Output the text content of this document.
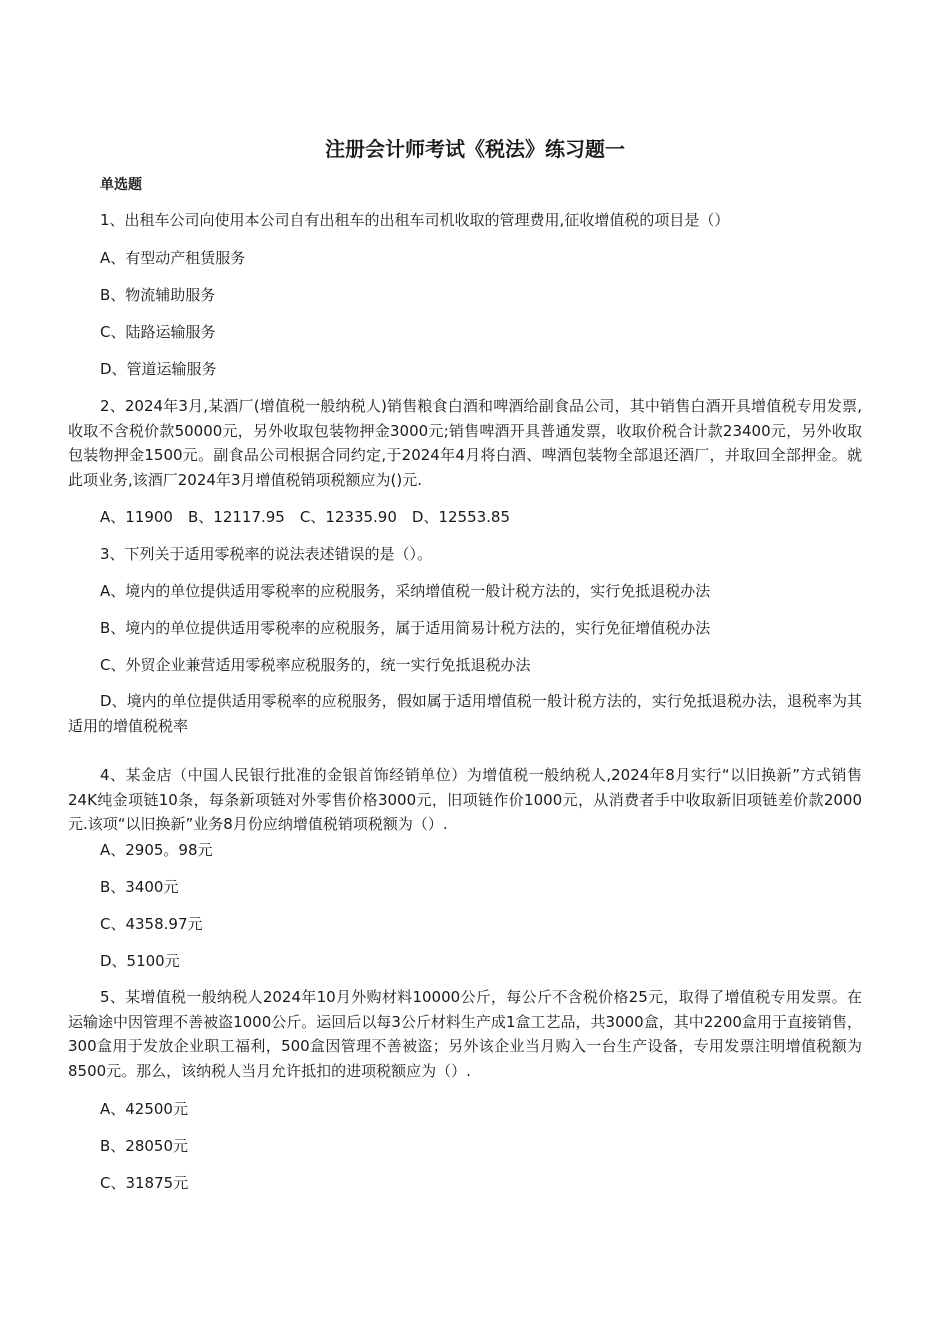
注册会计师考试《税法》练习题一
单选题
1、出租车公司向使用本公司自有出租车的出租车司机收取的管理费用,征收增值税的项目是（）
A、有型动产租赁服务
B、物流辅助服务
C、陆路运输服务
D、管道运输服务
2、2024年3月,某酒厂(增值税一般纳税人)销售粮食白酒和啤酒给副食品公司，其中销售白酒开具增值税专用发票,收取不含税价款50000元，另外收取包装物押金3000元;销售啤酒开具普通发票，收取价税合计款23400元，另外收取包装物押金1500元。副食品公司根据合同约定,于2024年4月将白酒、啤酒包装物全部退还酒厂，并取回全部押金。就此项业务,该酒厂2024年3月增值税销项税额应为()元.
A、11900　B、12117.95　C、12335.90　D、12553.85
3、下列关于适用零税率的说法表述错误的是（）。
A、境内的单位提供适用零税率的应税服务，采纳增值税一般计税方法的，实行免抵退税办法
B、境内的单位提供适用零税率的应税服务，属于适用简易计税方法的，实行免征增值税办法
C、外贸企业兼营适用零税率应税服务的，统一实行免抵退税办法
D、境内的单位提供适用零税率的应税服务，假如属于适用增值税一般计税方法的，实行免抵退税办法，退税率为其适用的增值税税率
4、某金店（中国人民银行批准的金银首饰经销单位）为增值税一般纳税人,2024年8月实行“以旧换新”方式销售24K纯金项链10条，每条新项链对外零售价格3000元，旧项链作价1000元，从消费者手中收取新旧项链差价款2000元.该项“以旧换新”业务8月份应纳增值税销项税额为（）.
A、2905。98元
B、3400元
C、4358.97元
D、5100元
5、某增值税一般纳税人2024年10月外购材料10000公斤，每公斤不含税价格25元，取得了增值税专用发票。在运输途中因管理不善被盗1000公斤。运回后以每3公斤材料生产成1盒工艺品，共3000盒，其中2200盒用于直接销售，300盒用于发放企业职工福利，500盒因管理不善被盗；另外该企业当月购入一台生产设备，专用发票注明增值税额为8500元。那么，该纳税人当月允许抵扣的进项税额应为（）.
A、42500元
B、28050元
C、31875元
